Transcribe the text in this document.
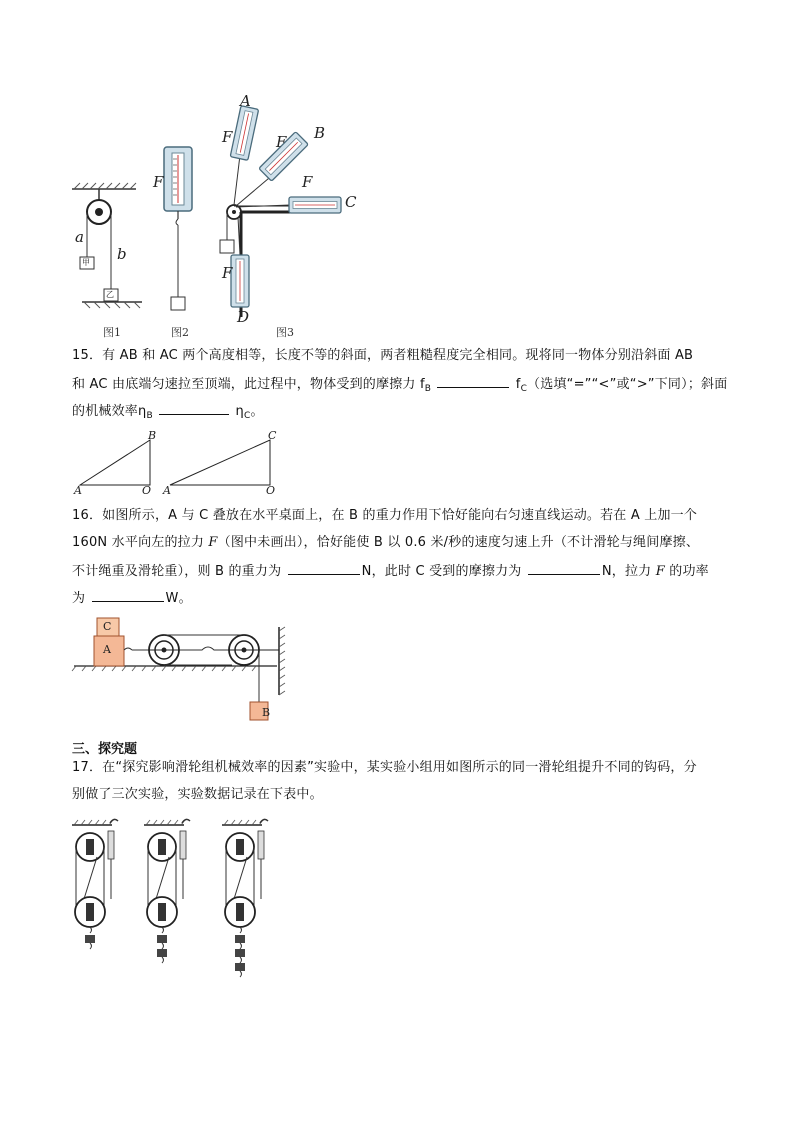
a
b
甲
乙
F
A
F	B
F
F
C
F
D
图1	图2	图3
15．有 AB 和 AC 两个高度相等，长度不等的斜面，两者粗糙程度完全相同。现将同一物体分别沿斜面 AB
和 AC 由底端匀速拉至顶端，此过程中，物体受到的摩擦力 $f_B$	$f_C$（选填“=”“<”或“>”下同）；斜面
的机械效率$\eta_B$	$\eta_C$。
B
A	O
C
A	O
16．如图所示，A 与 C 叠放在水平桌面上，在 B 的重力作用下恰好能向右匀速直线运动。若在 A 上加一个
160N 水平向左的拉力 F（图中未画出），恰好能使 B 以 0.6 米/秒的速度匀速上升（不计滑轮与绳间摩擦、
不计绳重及滑轮重），则 B 的重力为	N，此时 C 受到的摩擦力为	N，拉力 F 的功率
为	W。
C
A
B
三、探究题
17．在“探究影响滑轮组机械效率的因素”实验中，某实验小组用如图所示的同一滑轮组提升不同的钩码，分
别做了三次实验，实验数据记录在下表中。
